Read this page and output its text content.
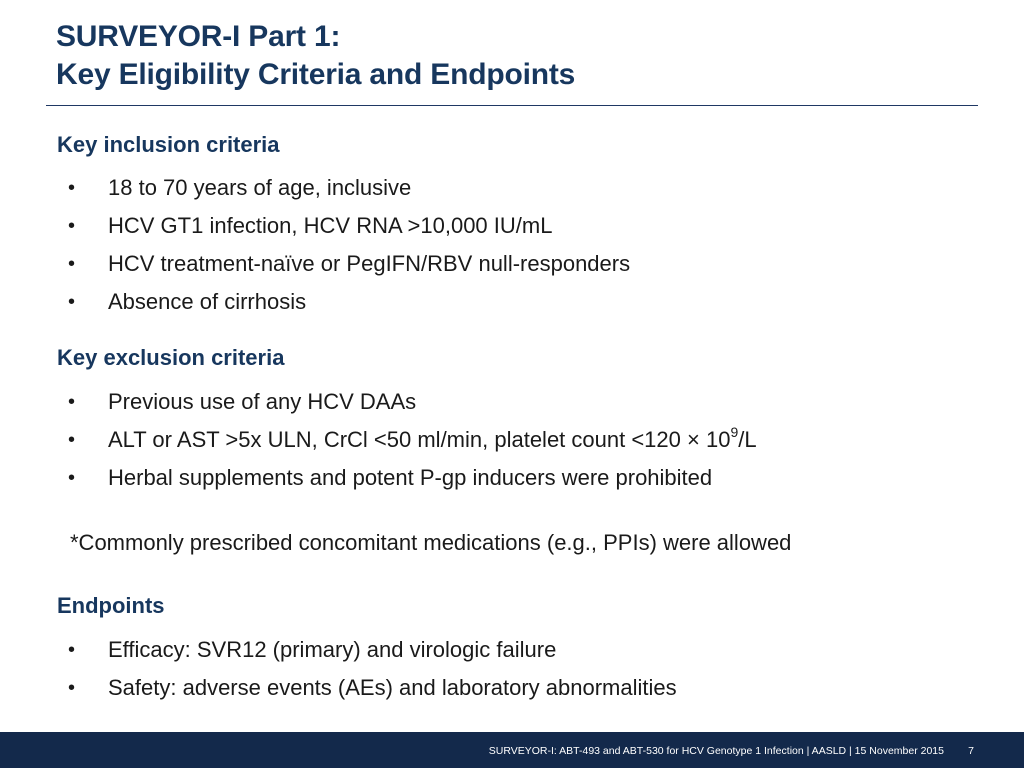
SURVEYOR-I Part 1:
Key Eligibility Criteria and Endpoints
Key inclusion criteria
• 18 to 70 years of age, inclusive
• HCV GT1 infection, HCV RNA >10,000 IU/mL
• HCV treatment-naïve or PegIFN/RBV null-responders
• Absence of cirrhosis
Key exclusion criteria
• Previous use of any HCV DAAs
• ALT or AST >5x ULN, CrCl <50 ml/min, platelet count $<120 \times 10^9/L$
• Herbal supplements and potent P-gp inducers were prohibited

*Commonly prescribed concomitant medications (e.g., PPIs) were allowed

Endpoints
• Efficacy: SVR12 (primary) and virologic failure
• Safety: adverse events (AEs) and laboratory abnormalities
SURVEYOR-I: ABT-493 and ABT-530 for HCV Genotype 1 Infection | AASLD | 15 November 2015 7
